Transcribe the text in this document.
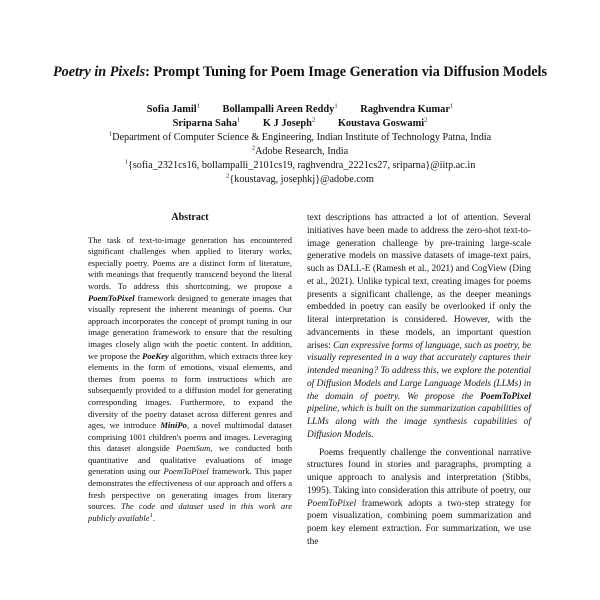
Poetry in Pixels: Prompt Tuning for Poem Image Generation via Diffusion Models
Sofia Jamil$^1$ Bollampalli Areen Reddy$^1$ Raghvendra Kumar$^1$
Sriparna Saha$^1$ K J Joseph$^2$ Koustava Goswami$^2$
$^1$Department of Computer Science & Engineering, Indian Institute of Technology Patna, India
$^2$Adobe Research, India
$^1${sofia_2321cs16, bollampalli_2101cs19, raghvendra_2221cs27, sriparna}@iitp.ac.in
$^2${koustavag, josephkj}@adobe.com
Abstract

The task of text-to-image generation has encountered significant challenges when applied to literary works, especially poetry. Poems are a distinct form of literature, with meanings that frequently transcend beyond the literal words. To address this shortcoming, we propose a PoemToPixel framework designed to generate images that visually represent the inherent meanings of poems. Our approach incorporates the concept of prompt tuning in our image generation framework to ensure that the resulting images closely align with the poetic content. In addition, we propose the PoeKey algorithm, which extracts three key elements in the form of emotions, visual elements, and themes from poems to form instructions which are subsequently provided to a diffusion model for generating corresponding images. Furthermore, to expand the diversity of the poetry dataset across different genres and ages, we introduce MiniPo, a novel multimodal dataset comprising 1001 children's poems and images. Leveraging this dataset alongside PoemSum, we conducted both quantitative and qualitative evaluations of image generation using our PoemToPixel framework. This paper demonstrates the effectiveness of our approach and offers a fresh perspective on generating images from literary sources. The code and dataset used in this work are publicly available$^1$.

text descriptions has attracted a lot of attention. Several initiatives have been made to address the zero-shot text-to-image generation challenge by pre-training large-scale generative models on massive datasets of image-text pairs, such as DALL-E (Ramesh et al., 2021) and CogView (Ding et al., 2021). Unlike typical text, creating images for poems presents a significant challenge, as the deeper meanings embedded in poetry can easily be overlooked if only the literal interpretation is considered. However, with the advancements in these models, an important question arises: Can expressive forms of language, such as poetry, be visually represented in a way that accurately captures their intended meaning? To address this, we explore the potential of Diffusion Models and Large Language Models (LLMs) in the domain of poetry. We propose the PoemToPixel pipeline, which is built on the summarization capabilities of LLMs along with the image synthesis capabilities of Diffusion Models.

Poems frequently challenge the conventional narrative structures found in stories and paragraphs, prompting a unique approach to analysis and interpretation (Stibbs, 1995). Taking into consideration this attribute of poetry, our PoemToPixel framework adopts a two-step strategy for poem visualization, combining poem summarization and poem key element extraction. For summarization, we use the
